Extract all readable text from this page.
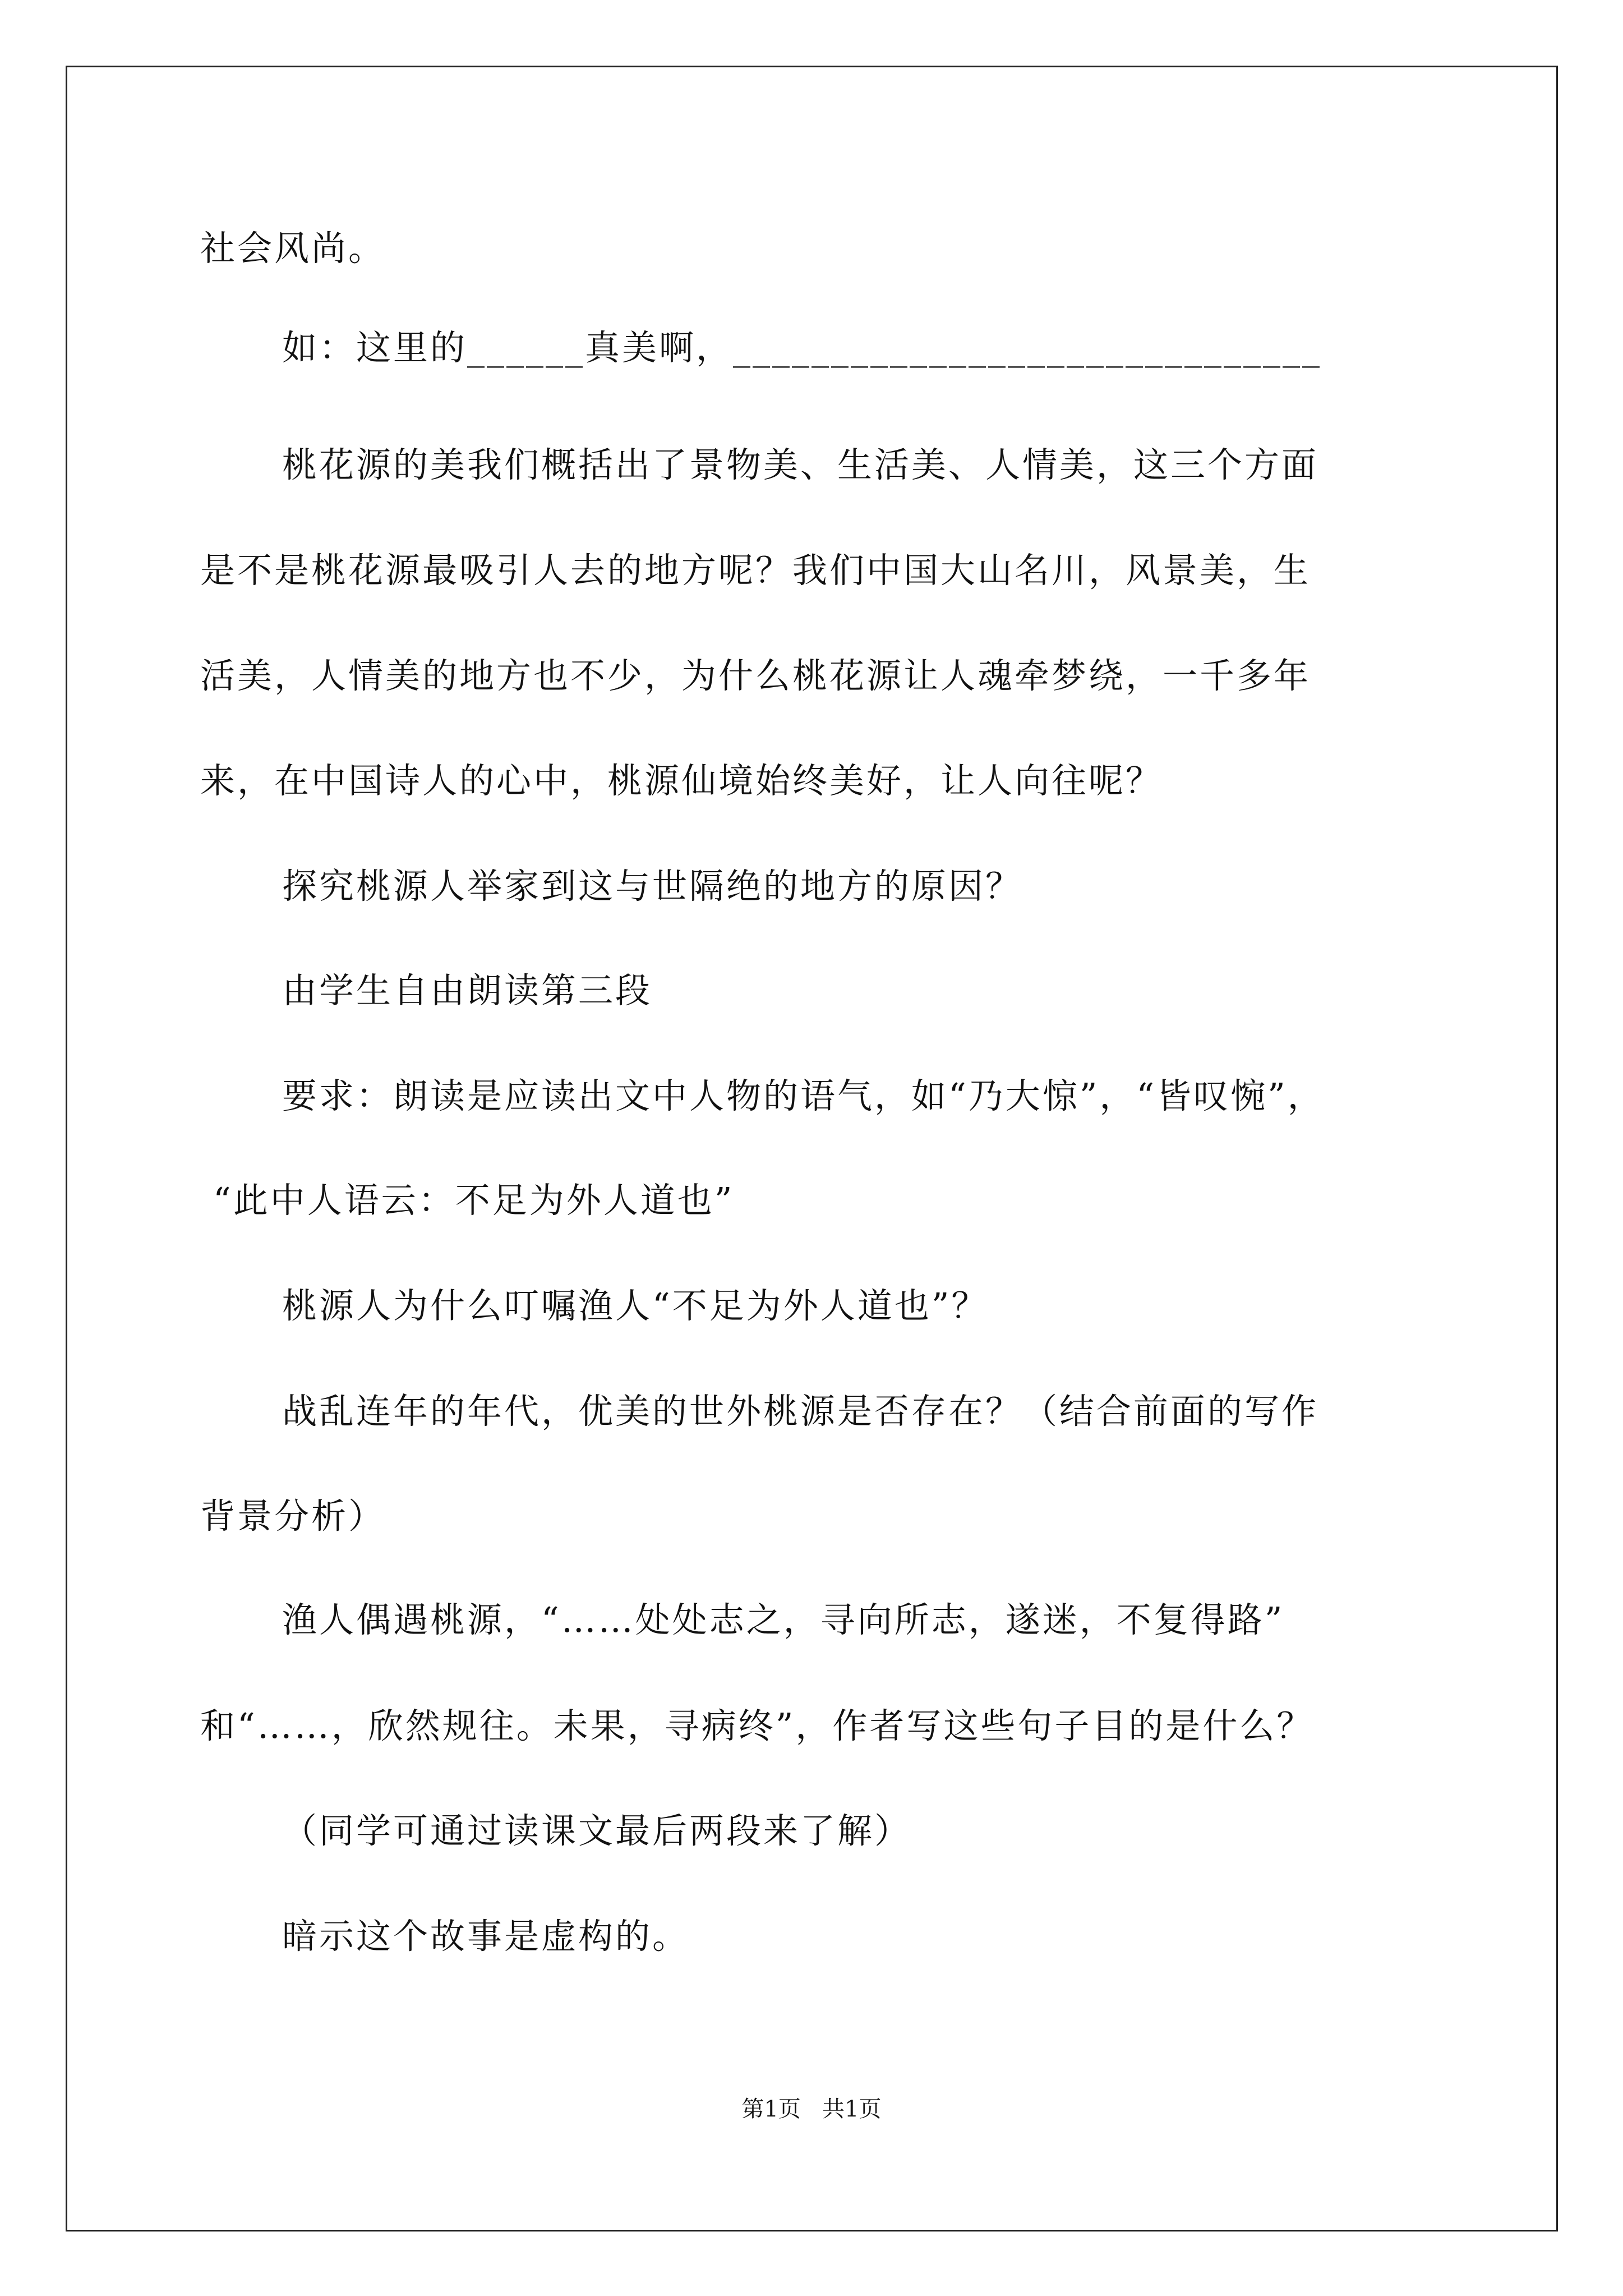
社会风尚。
如：这里的______真美啊，______________________________
桃花源的美我们概括出了景物美、生活美、人情美，这三个方面
是不是桃花源最吸引人去的地方呢？我们中国大山名川，风景美，生
活美，人情美的地方也不少，为什么桃花源让人魂牵梦绕，一千多年
来，在中国诗人的心中，桃源仙境始终美好，让人向往呢？
探究桃源人举家到这与世隔绝的地方的原因？
由学生自由朗读第三段
要求：朗读是应读出文中人物的语气，如“乃大惊”，“皆叹惋”，
“此中人语云：不足为外人道也”
桃源人为什么叮嘱渔人“不足为外人道也”？
战乱连年的年代，优美的世外桃源是否存在？（结合前面的写作
背景分析）
渔人偶遇桃源，“……处处志之，寻向所志，遂迷，不复得路”
和“……，欣然规往。未果，寻病终”，作者写这些句子目的是什么？
（同学可通过读课文最后两段来了解）
暗示这个故事是虚构的。
第1页   共1页
